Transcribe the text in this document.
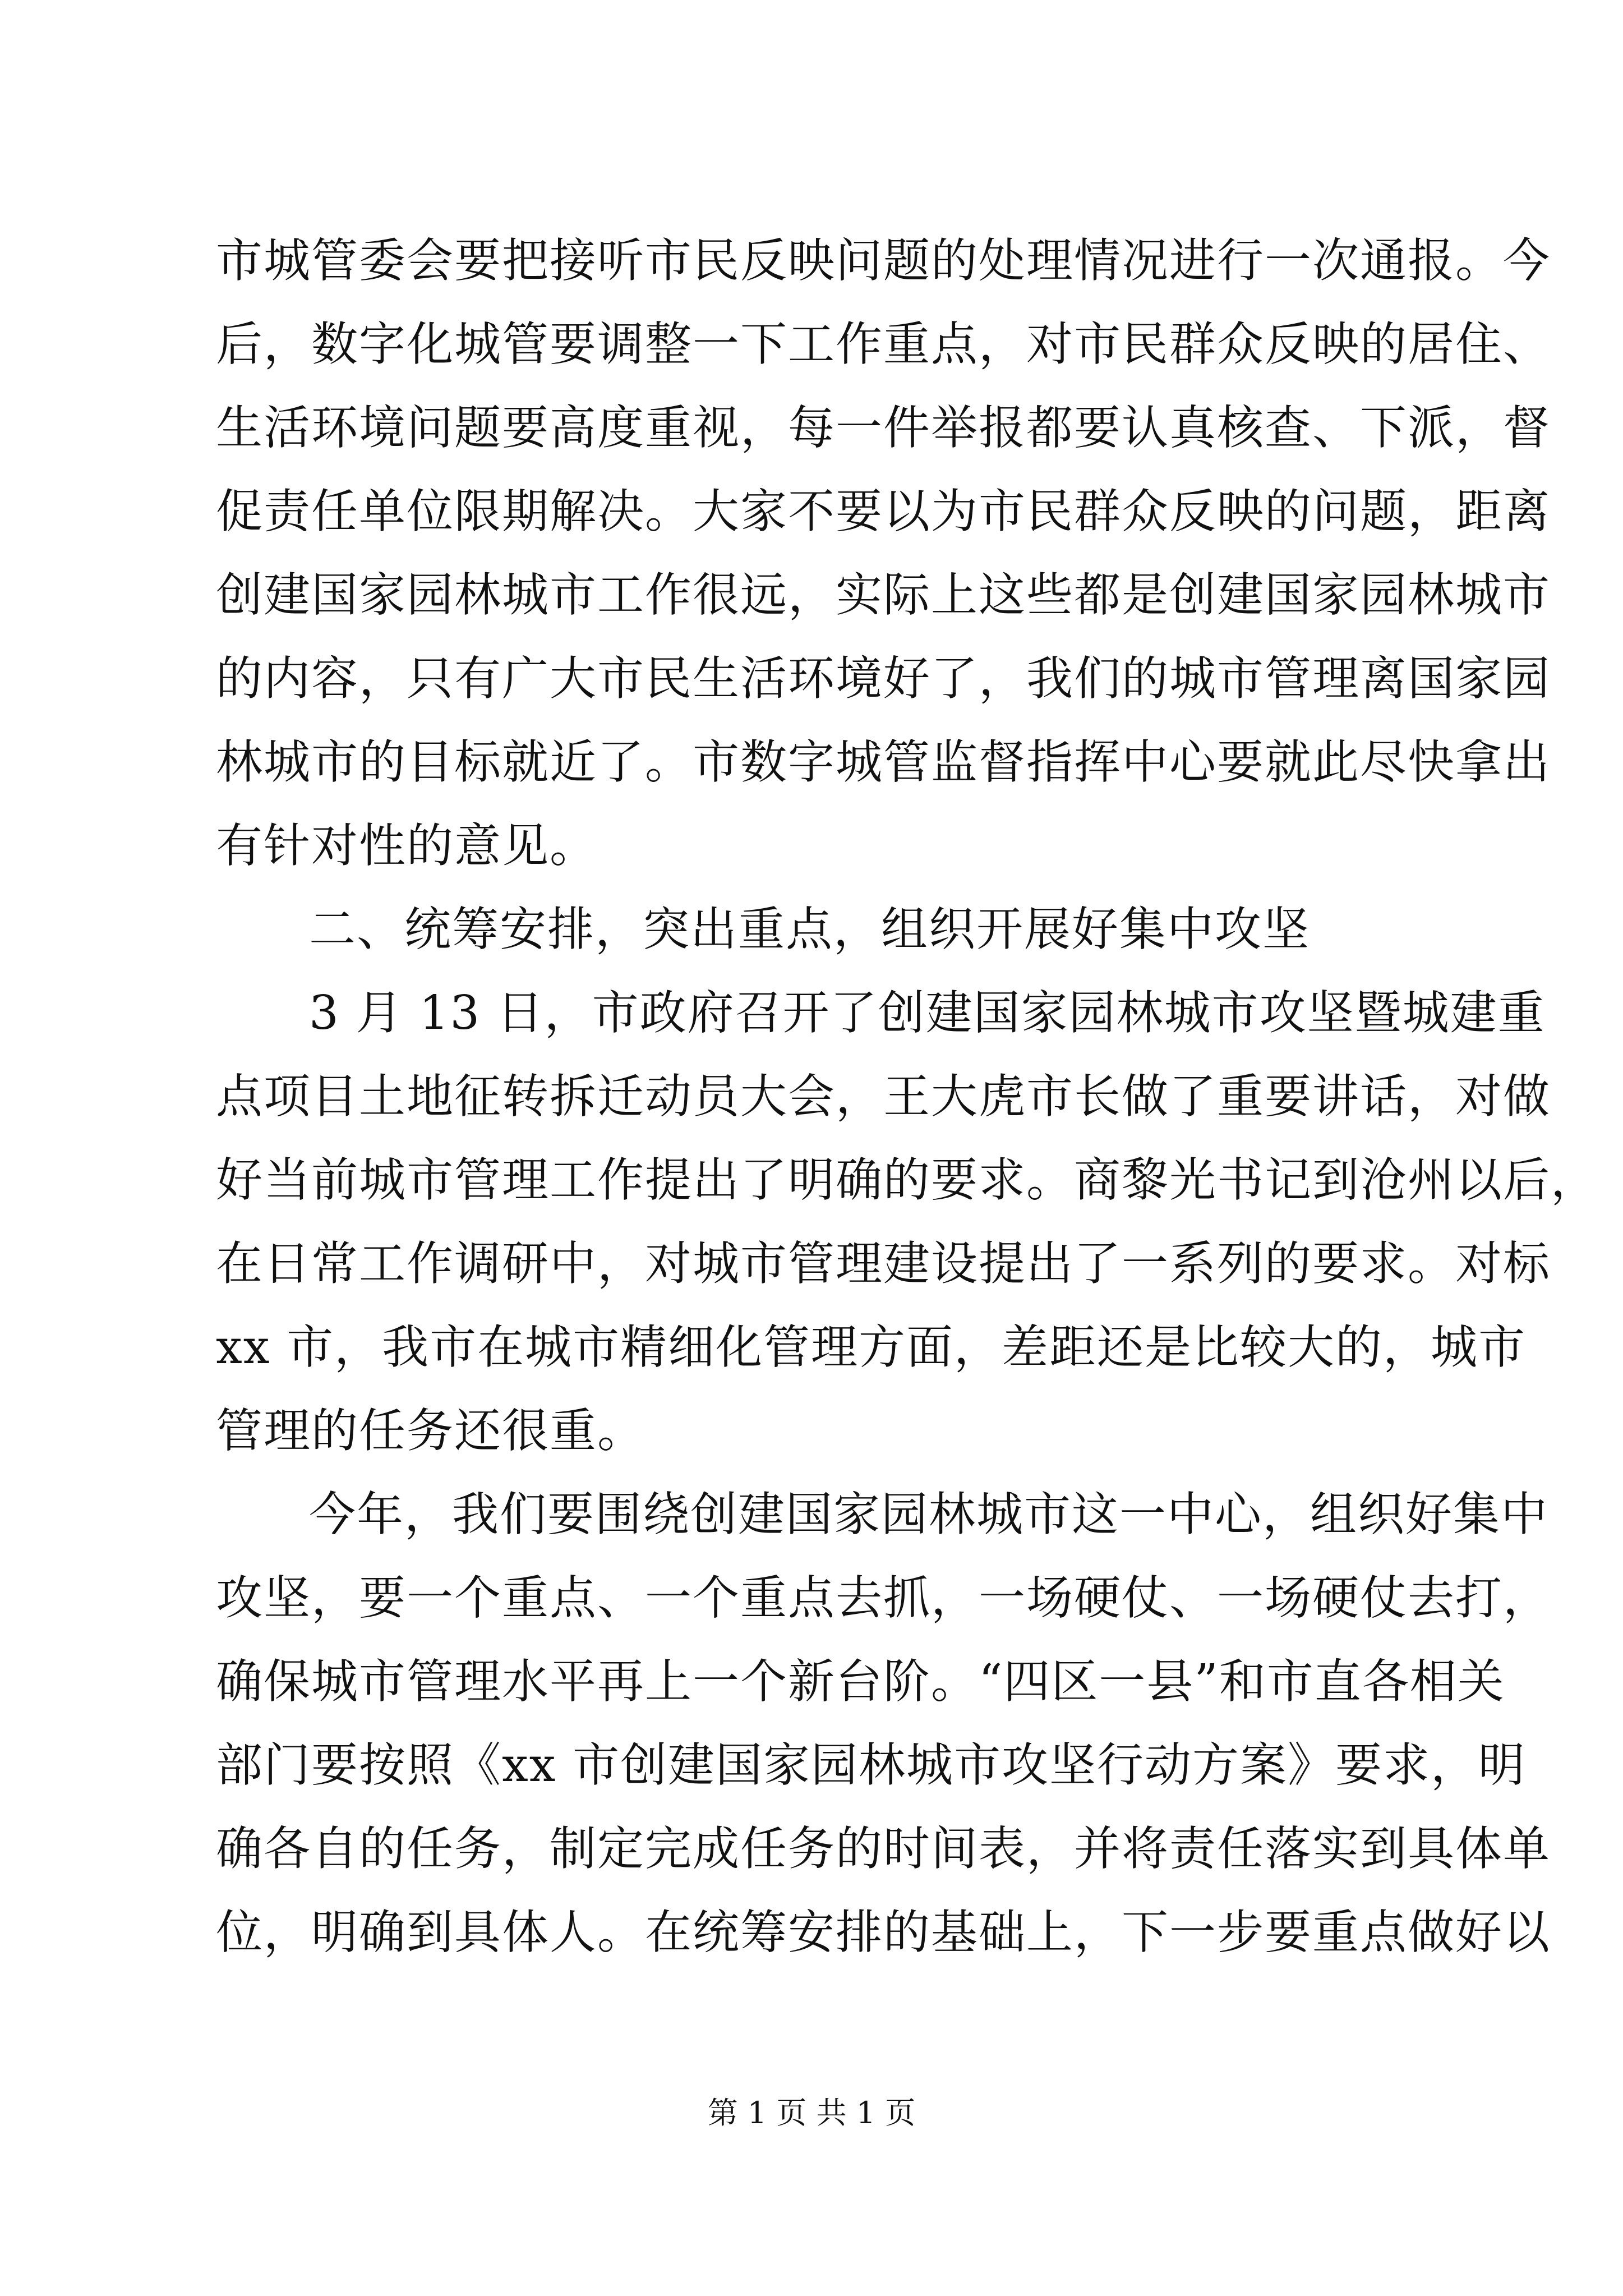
市城管委会要把接听市民反映问题的处理情况进行一次通报。今
后，数字化城管要调整一下工作重点，对市民群众反映的居住、
生活环境问题要高度重视，每一件举报都要认真核查、下派，督
促责任单位限期解决。大家不要以为市民群众反映的问题，距离
创建国家园林城市工作很远，实际上这些都是创建国家园林城市
的内容，只有广大市民生活环境好了，我们的城市管理离国家园
林城市的目标就近了。市数字城管监督指挥中心要就此尽快拿出
有针对性的意见。
二、统筹安排，突出重点，组织开展好集中攻坚
3 月 13 日，市政府召开了创建国家园林城市攻坚暨城建重
点项目土地征转拆迁动员大会，王大虎市长做了重要讲话，对做
好当前城市管理工作提出了明确的要求。商黎光书记到沧州以后，
在日常工作调研中，对城市管理建设提出了一系列的要求。对标
xx 市，我市在城市精细化管理方面，差距还是比较大的，城市
管理的任务还很重。
今年，我们要围绕创建国家园林城市这一中心，组织好集中
攻坚，要一个重点、一个重点去抓，一场硬仗、一场硬仗去打，
确保城市管理水平再上一个新台阶。“四区一县”和市直各相关
部门要按照《xx 市创建国家园林城市攻坚行动方案》要求，明
确各自的任务，制定完成任务的时间表，并将责任落实到具体单
位，明确到具体人。在统筹安排的基础上，下一步要重点做好以
第 1 页 共 1 页
